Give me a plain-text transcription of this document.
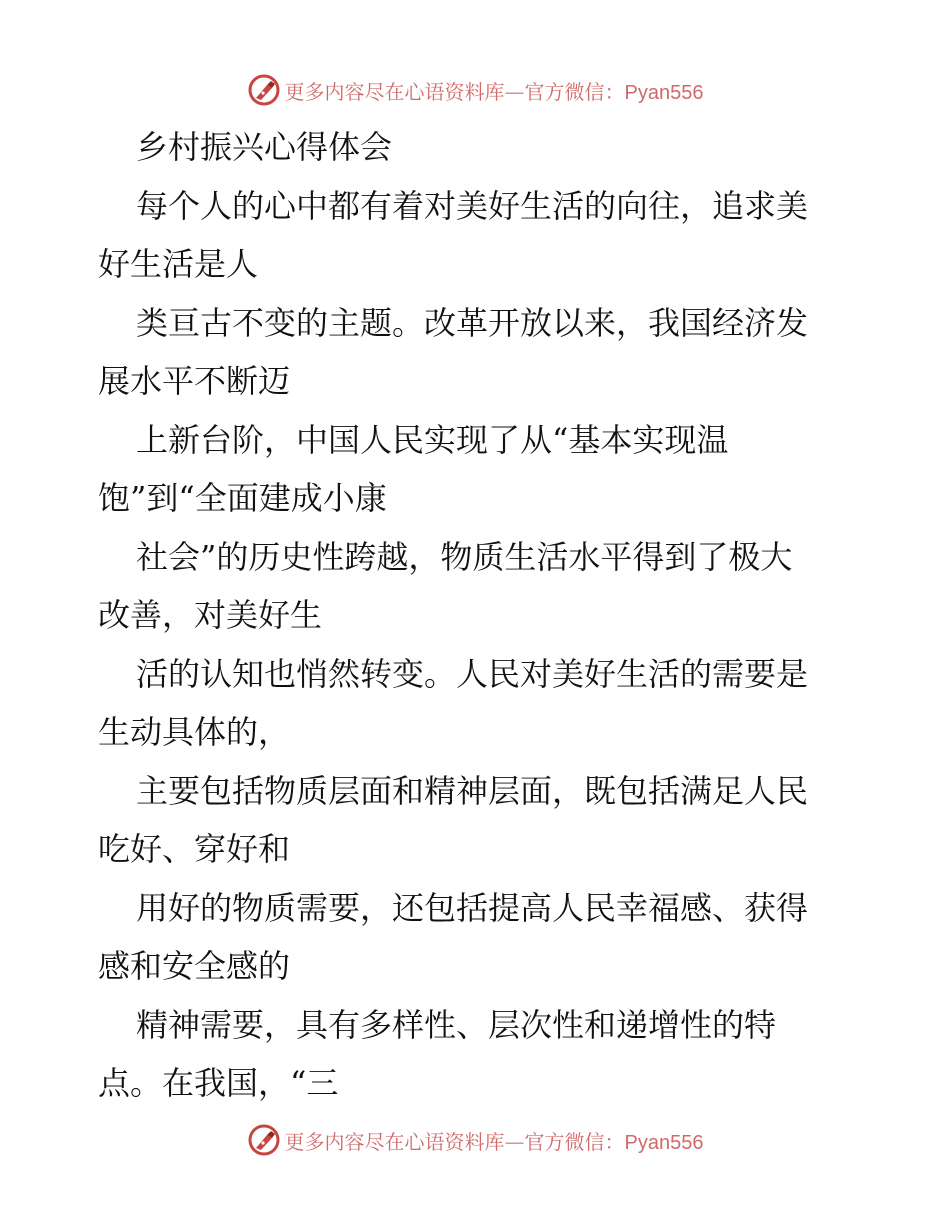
更多内容尽在心语资料库—官方微信：Pyan556
乡村振兴心得体会
每个人的心中都有着对美好生活的向往，追求美
好生活是人
类亘古不变的主题。改革开放以来，我国经济发
展水平不断迈
上新台阶，中国人民实现了从“基本实现温
饱”到“全面建成小康
社会”的历史性跨越，物质生活水平得到了极大
改善，对美好生
活的认知也悄然转变。人民对美好生活的需要是
生动具体的，
主要包括物质层面和精神层面，既包括满足人民
吃好、穿好和
用好的物质需要，还包括提高人民幸福感、获得
感和安全感的
精神需要，具有多样性、层次性和递增性的特
点。在我国，“三
更多内容尽在心语资料库—官方微信：Pyan556
